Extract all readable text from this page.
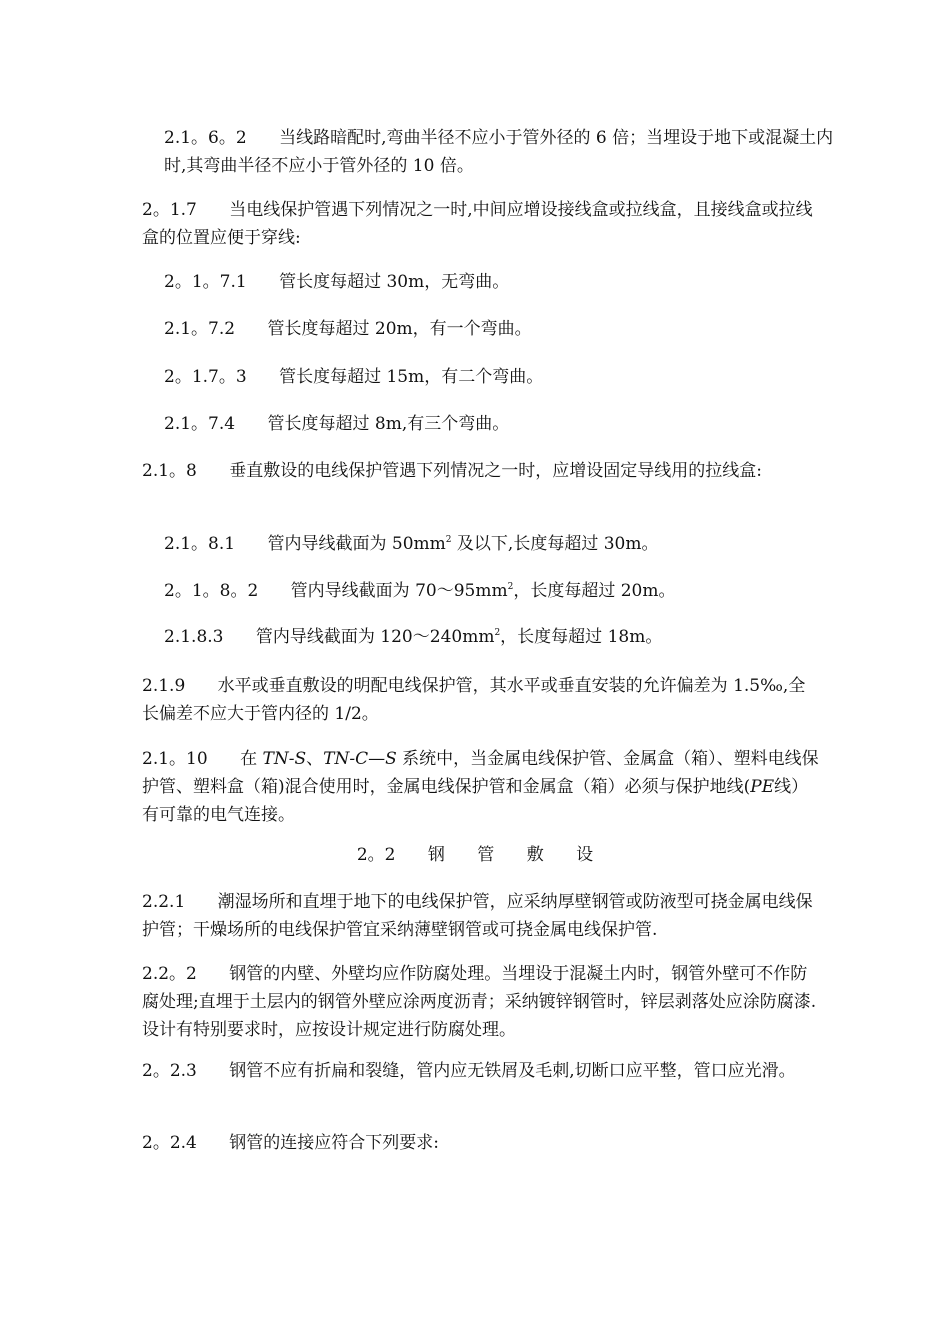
2.1。6。2      当线路暗配时,弯曲半径不应小于管外径的 6 倍；当埋设于地下或混凝土内时,其弯曲半径不应小于管外径的 10 倍。

2。1.7      当电线保护管遇下列情况之一时,中间应增设接线盒或拉线盒，且接线盒或拉线盒的位置应便于穿线:

2。1。7.1      管长度每超过 30m，无弯曲。

2.1。7.2      管长度每超过 20m，有一个弯曲。

2。1.7。3      管长度每超过 15m，有二个弯曲。

2.1。7.4      管长度每超过 8m,有三个弯曲。

2.1。8      垂直敷设的电线保护管遇下列情况之一时，应增设固定导线用的拉线盒:

2.1。8.1      管内导线截面为 $50mm^2$ 及以下,长度每超过 30m。

2。1。8。2      管内导线截面为 $70\sim 95mm^2$，长度每超过 20m。

2.1.8.3      管内导线截面为 $120\sim 240mm^2$，长度每超过 18m。

2.1.9      水平或垂直敷设的明配电线保护管，其水平或垂直安装的允许偏差为 1.5‰,全长偏差不应大于管内径的 1/2。

2.1。10      在 TN-S、TN-C—S 系统中，当金属电线保护管、金属盒（箱）、塑料电线保护管、塑料盒（箱)混合使用时，金属电线保护管和金属盒（箱）必须与保护地线(PE线）有可靠的电气连接。

2。2      钢      管      敷      设

2.2.1      潮湿场所和直埋于地下的电线保护管，应采纳厚壁钢管或防液型可挠金属电线保护管；干燥场所的电线保护管宜采纳薄壁钢管或可挠金属电线保护管.

2.2。2      钢管的内壁、外壁均应作防腐处理。当埋设于混凝土内时，钢管外壁可不作防腐处理;直埋于土层内的钢管外壁应涂两度沥青；采纳镀锌钢管时，锌层剥落处应涂防腐漆.设计有特别要求时，应按设计规定进行防腐处理。

2。2.3      钢管不应有折扁和裂缝，管内应无铁屑及毛刺,切断口应平整，管口应光滑。

2。2.4      钢管的连接应符合下列要求:
